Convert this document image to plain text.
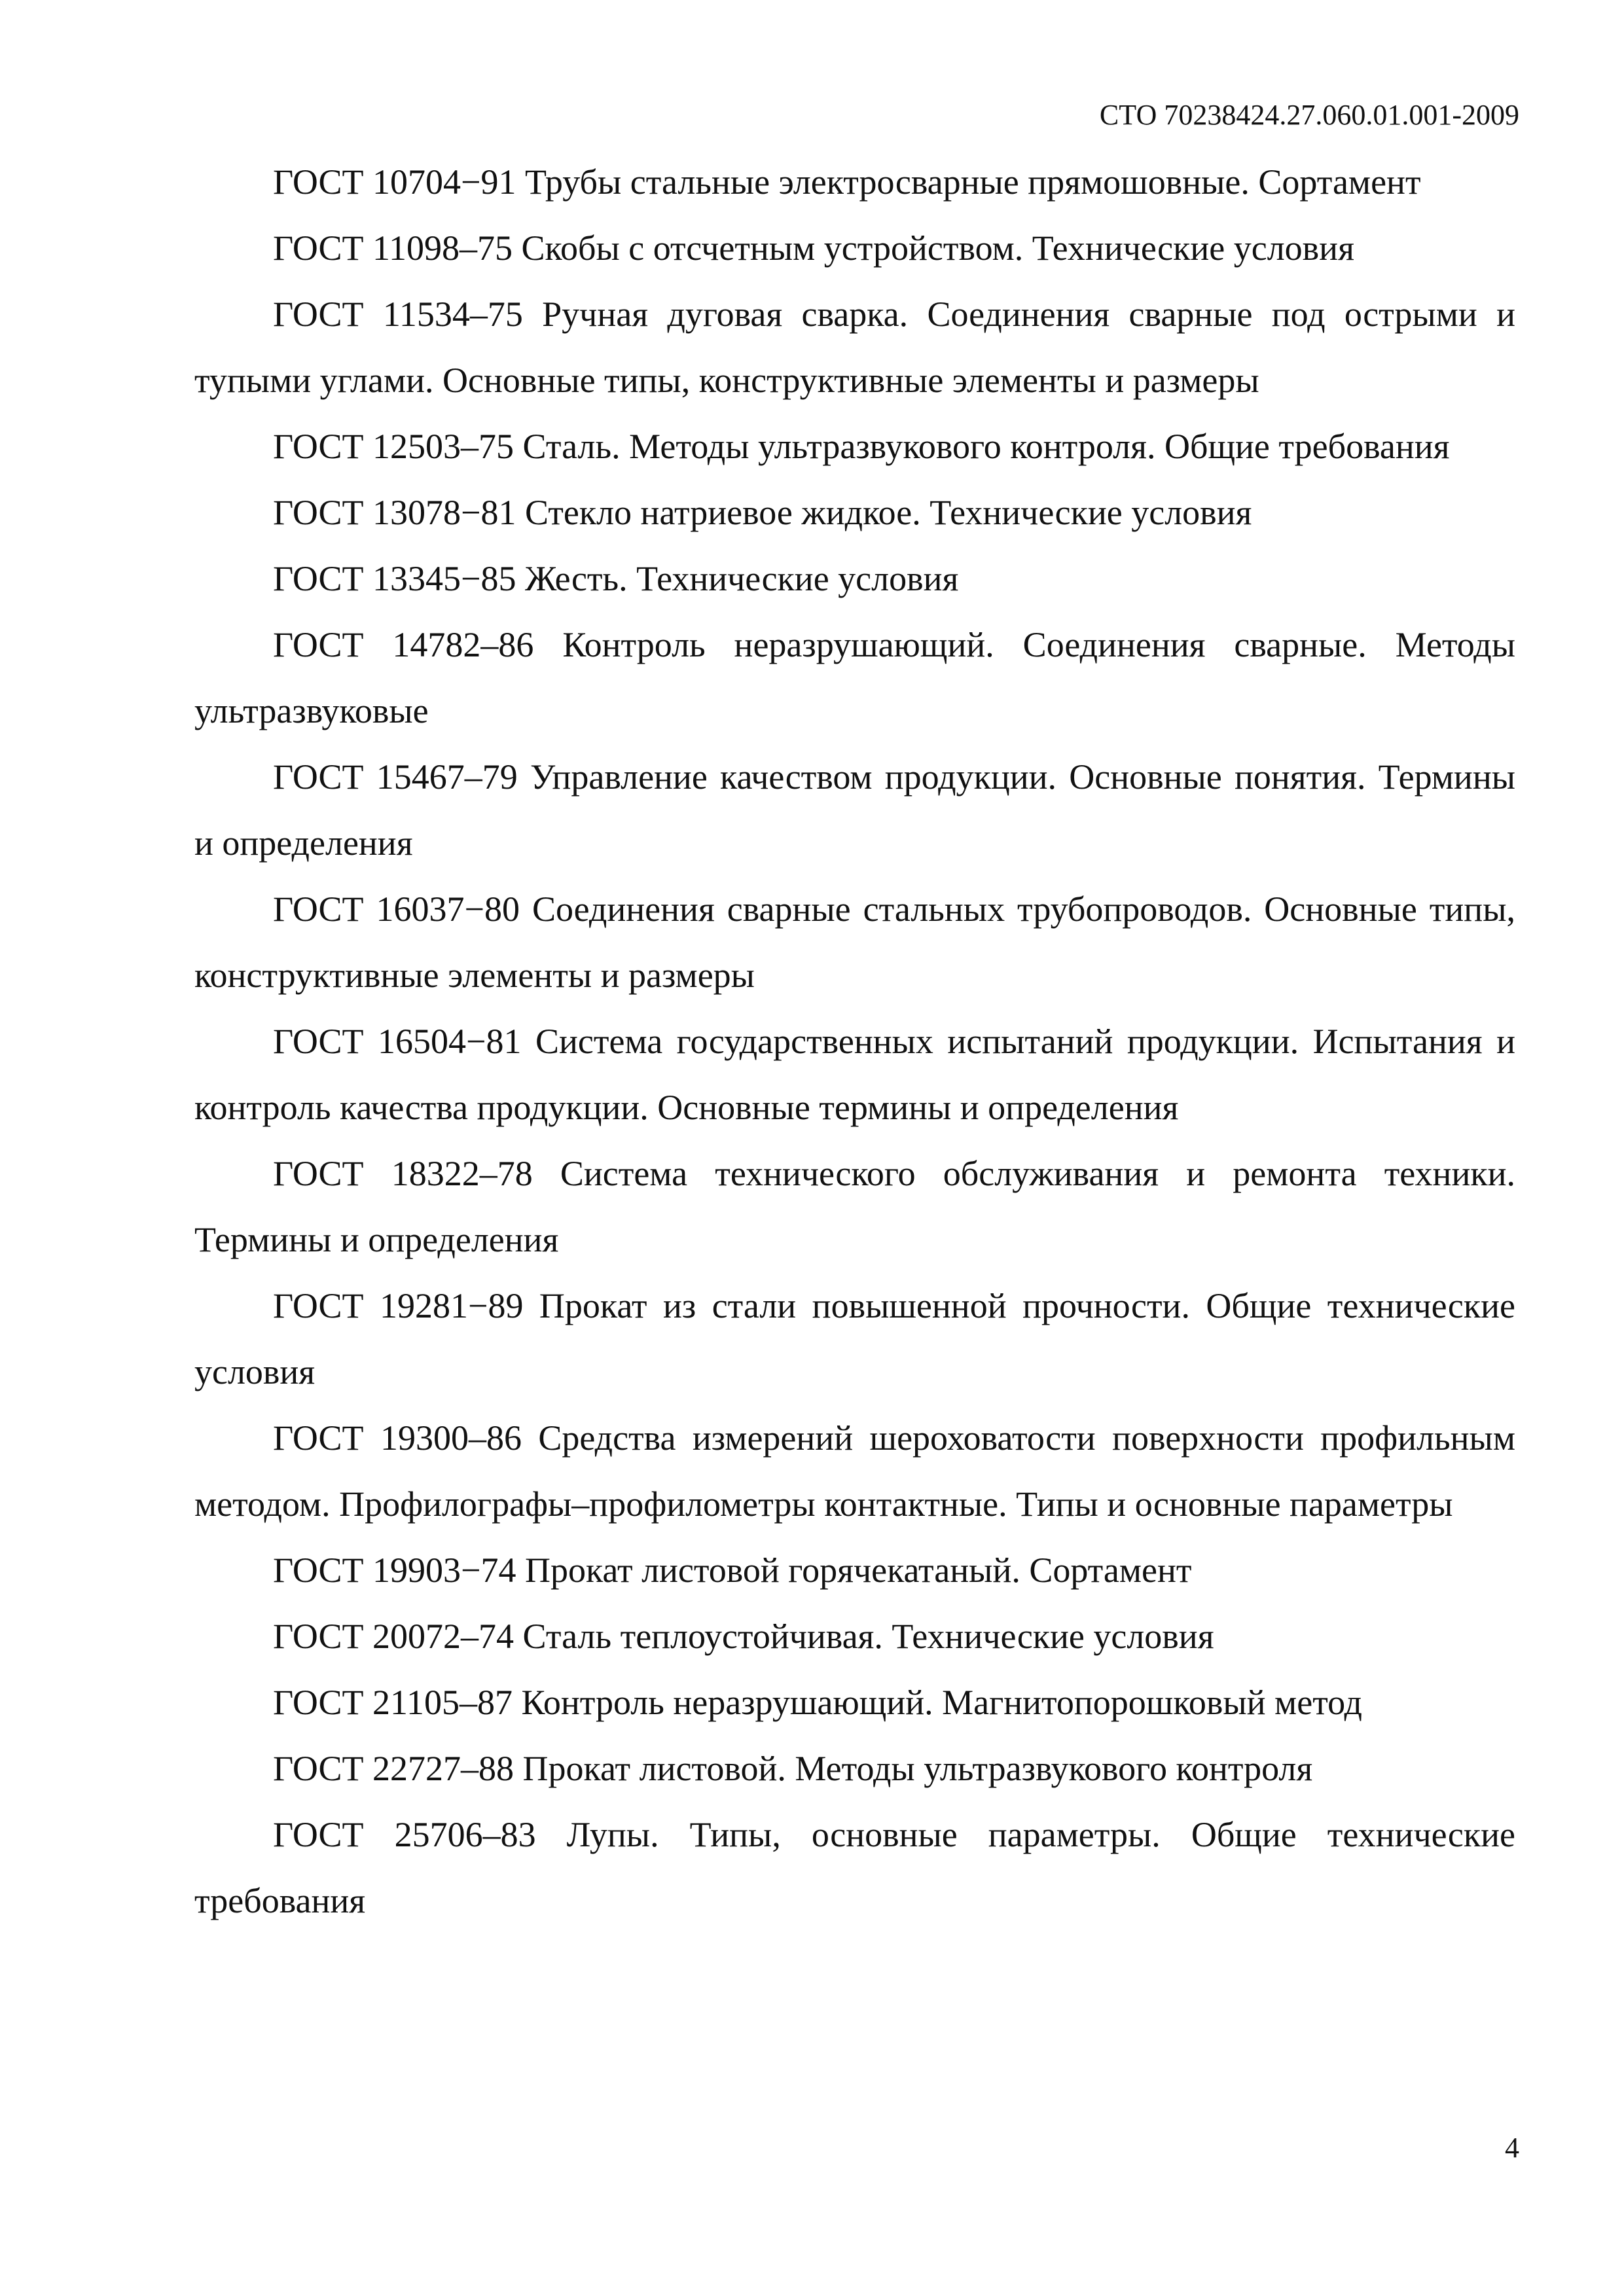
СТО 70238424.27.060.01.001-2009
ГОСТ 10704−91 Трубы стальные электросварные прямошовные. Сортамент
ГОСТ 11098–75 Скобы с отсчетным устройством. Технические условия
ГОСТ 11534–75 Ручная дуговая сварка. Соединения сварные под острыми и тупыми углами. Основные типы, конструктивные элементы и размеры
ГОСТ 12503–75 Сталь. Методы ультразвукового контроля. Общие требования
ГОСТ 13078−81 Стекло натриевое жидкое. Технические условия
ГОСТ 13345−85 Жесть. Технические условия
ГОСТ 14782–86 Контроль неразрушающий. Соединения сварные. Методы ультразвуковые
ГОСТ 15467–79 Управление качеством продукции. Основные понятия. Термины и определения
ГОСТ 16037−80 Соединения сварные стальных трубопроводов. Основные типы, конструктивные элементы и размеры
ГОСТ 16504−81 Система государственных испытаний продукции. Испытания и контроль качества продукции. Основные термины и определения
ГОСТ 18322–78 Система технического обслуживания и ремонта техники. Термины и определения
ГОСТ 19281−89 Прокат из стали повышенной прочности. Общие технические условия
ГОСТ 19300–86 Средства измерений шероховатости поверхности профильным методом. Профилографы–профилометры контактные. Типы и основные параметры
ГОСТ 19903−74 Прокат листовой горячекатаный. Сортамент
ГОСТ 20072–74 Сталь теплоустойчивая. Технические условия
ГОСТ 21105–87 Контроль неразрушающий. Магнитопорошковый метод
ГОСТ 22727–88 Прокат листовой. Методы ультразвукового контроля
ГОСТ 25706–83 Лупы. Типы, основные параметры. Общие технические требования
4
